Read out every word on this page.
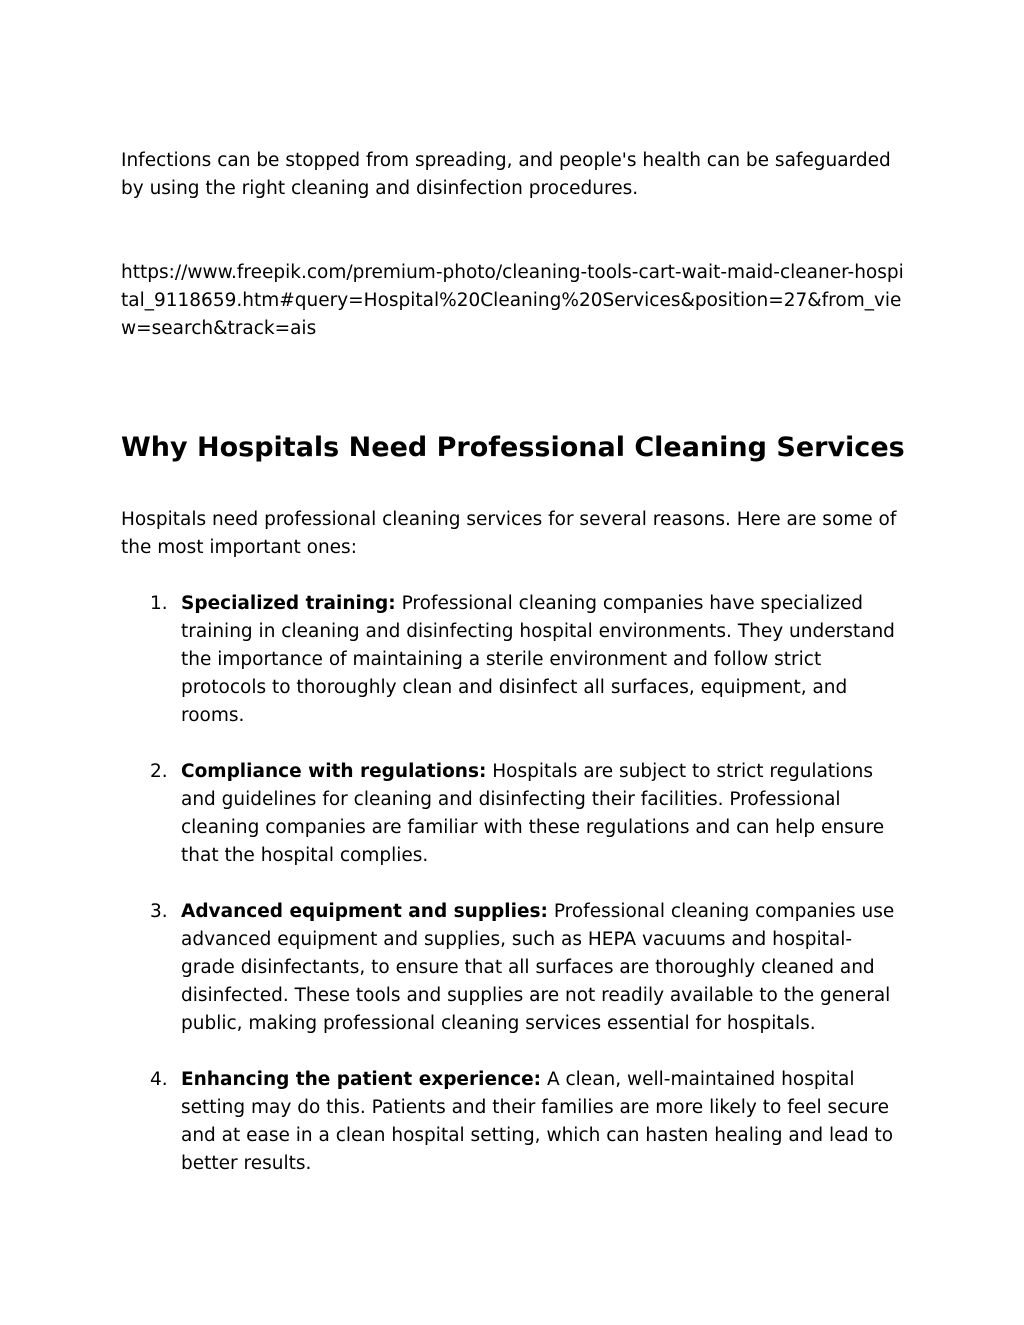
Infections can be stopped from spreading, and people's health can be safeguarded by using the right cleaning and disinfection procedures.

https://www.freepik.com/premium-photo/cleaning-tools-cart-wait-maid-cleaner-hospital_9118659.htm#query=Hospital%20Cleaning%20Services&position=27&from_view=search&track=ais

Why Hospitals Need Professional Cleaning Services

Hospitals need professional cleaning services for several reasons. Here are some of the most important ones:

1. Specialized training: Professional cleaning companies have specialized training in cleaning and disinfecting hospital environments. They understand the importance of maintaining a sterile environment and follow strict protocols to thoroughly clean and disinfect all surfaces, equipment, and rooms.
2. Compliance with regulations: Hospitals are subject to strict regulations and guidelines for cleaning and disinfecting their facilities. Professional cleaning companies are familiar with these regulations and can help ensure that the hospital complies.
3. Advanced equipment and supplies: Professional cleaning companies use advanced equipment and supplies, such as HEPA vacuums and hospital-grade disinfectants, to ensure that all surfaces are thoroughly cleaned and disinfected. These tools and supplies are not readily available to the general public, making professional cleaning services essential for hospitals.
4. Enhancing the patient experience: A clean, well-maintained hospital setting may do this. Patients and their families are more likely to feel secure and at ease in a clean hospital setting, which can hasten healing and lead to better results.
